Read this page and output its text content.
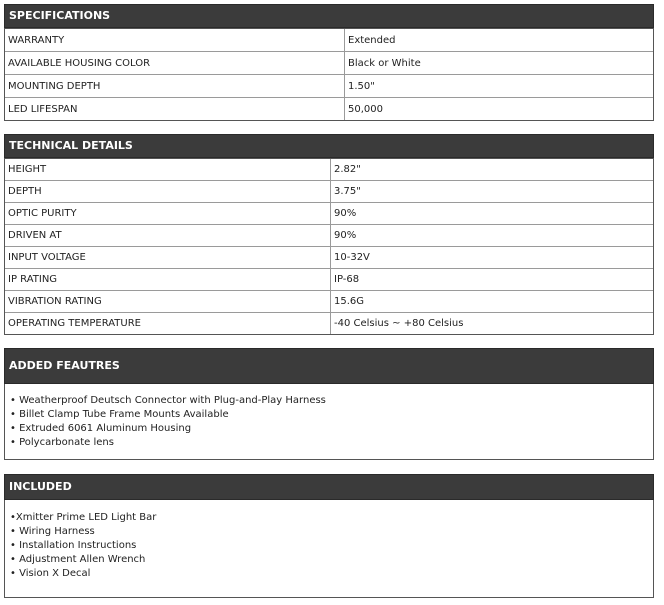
SPECIFICATIONS
WARRANTY	Extended
AVAILABLE HOUSING COLOR	Black or White
MOUNTING DEPTH	1.50"
LED LIFESPAN	50,000
TECHNICAL DETAILS
HEIGHT	2.82"
DEPTH	3.75"
OPTIC PURITY	90%
DRIVEN AT	90%
INPUT VOLTAGE	10-32V
IP RATING	IP-68
VIBRATION RATING	15.6G
OPERATING TEMPERATURE	-40 Celsius ~ +80 Celsius
ADDED FEAUTRES
• Weatherproof Deutsch Connector with Plug-and-Play Harness
• Billet Clamp Tube Frame Mounts Available
• Extruded 6061 Aluminum Housing
• Polycarbonate lens
INCLUDED
•Xmitter Prime LED Light Bar
• Wiring Harness
• Installation Instructions
• Adjustment Allen Wrench
• Vision X Decal
